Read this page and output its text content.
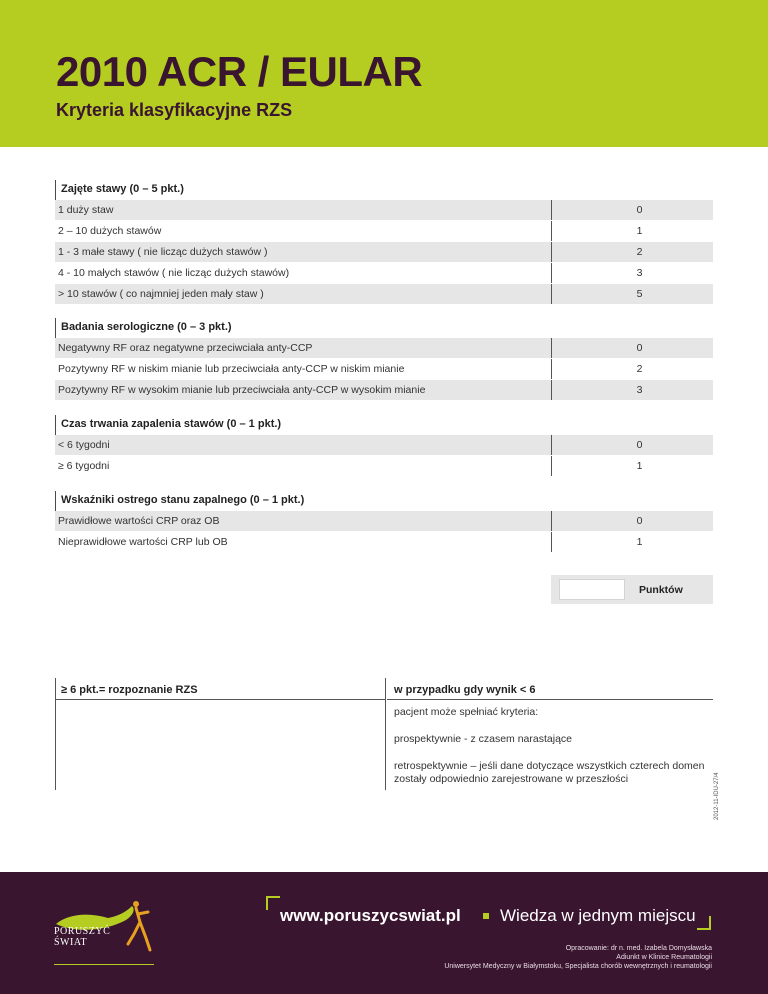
2010 ACR / EULAR
Kryteria klasyfikacyjne RZS
Zajęte stawy (0 – 5 pkt.)
1 duży staw	0
2 – 10 dużych stawów	1
1 - 3 małe stawy ( nie licząc dużych stawów )	2
4 - 10 małych stawów ( nie licząc dużych stawów)	3
> 10 stawów ( co najmniej jeden mały staw )	5
Badania serologiczne (0 – 3 pkt.)
Negatywny RF oraz negatywne przeciwciała anty-CCP	0
Pozytywny RF w niskim mianie lub przeciwciała anty-CCP w niskim mianie	2
Pozytywny RF w wysokim mianie lub przeciwciała anty-CCP w wysokim mianie	3
Czas trwania zapalenia stawów (0 – 1 pkt.)
< 6 tygodni	0
≥ 6 tygodni	1
Wskaźniki ostrego stanu zapalnego (0 – 1 pkt.)
Prawidłowe wartości CRP oraz OB	0
Nieprawidłowe wartości CRP lub OB	1
Punktów
≥ 6 pkt.= rozpoznanie RZS	w przypadku gdy wynik < 6

pacjent może spełniać kryteria:

prospektywnie - z czasem narastające

retrospektywnie – jeśli dane dotyczące wszystkich czterech domen zostały odpowiednio zarejestrowane w przeszłości	2012-11-IDU-27/4
PORUSZYĆ
ŚWIAT
www.poruszycswiat.pl Wiedza w jednym miejscu
Opracowanie: dr n. med. Izabela Domysławska
Adiunkt w Klinice Reumatologii
Uniwersytet Medyczny w Białymstoku, Specjalista chorób wewnętrznych i reumatologii
